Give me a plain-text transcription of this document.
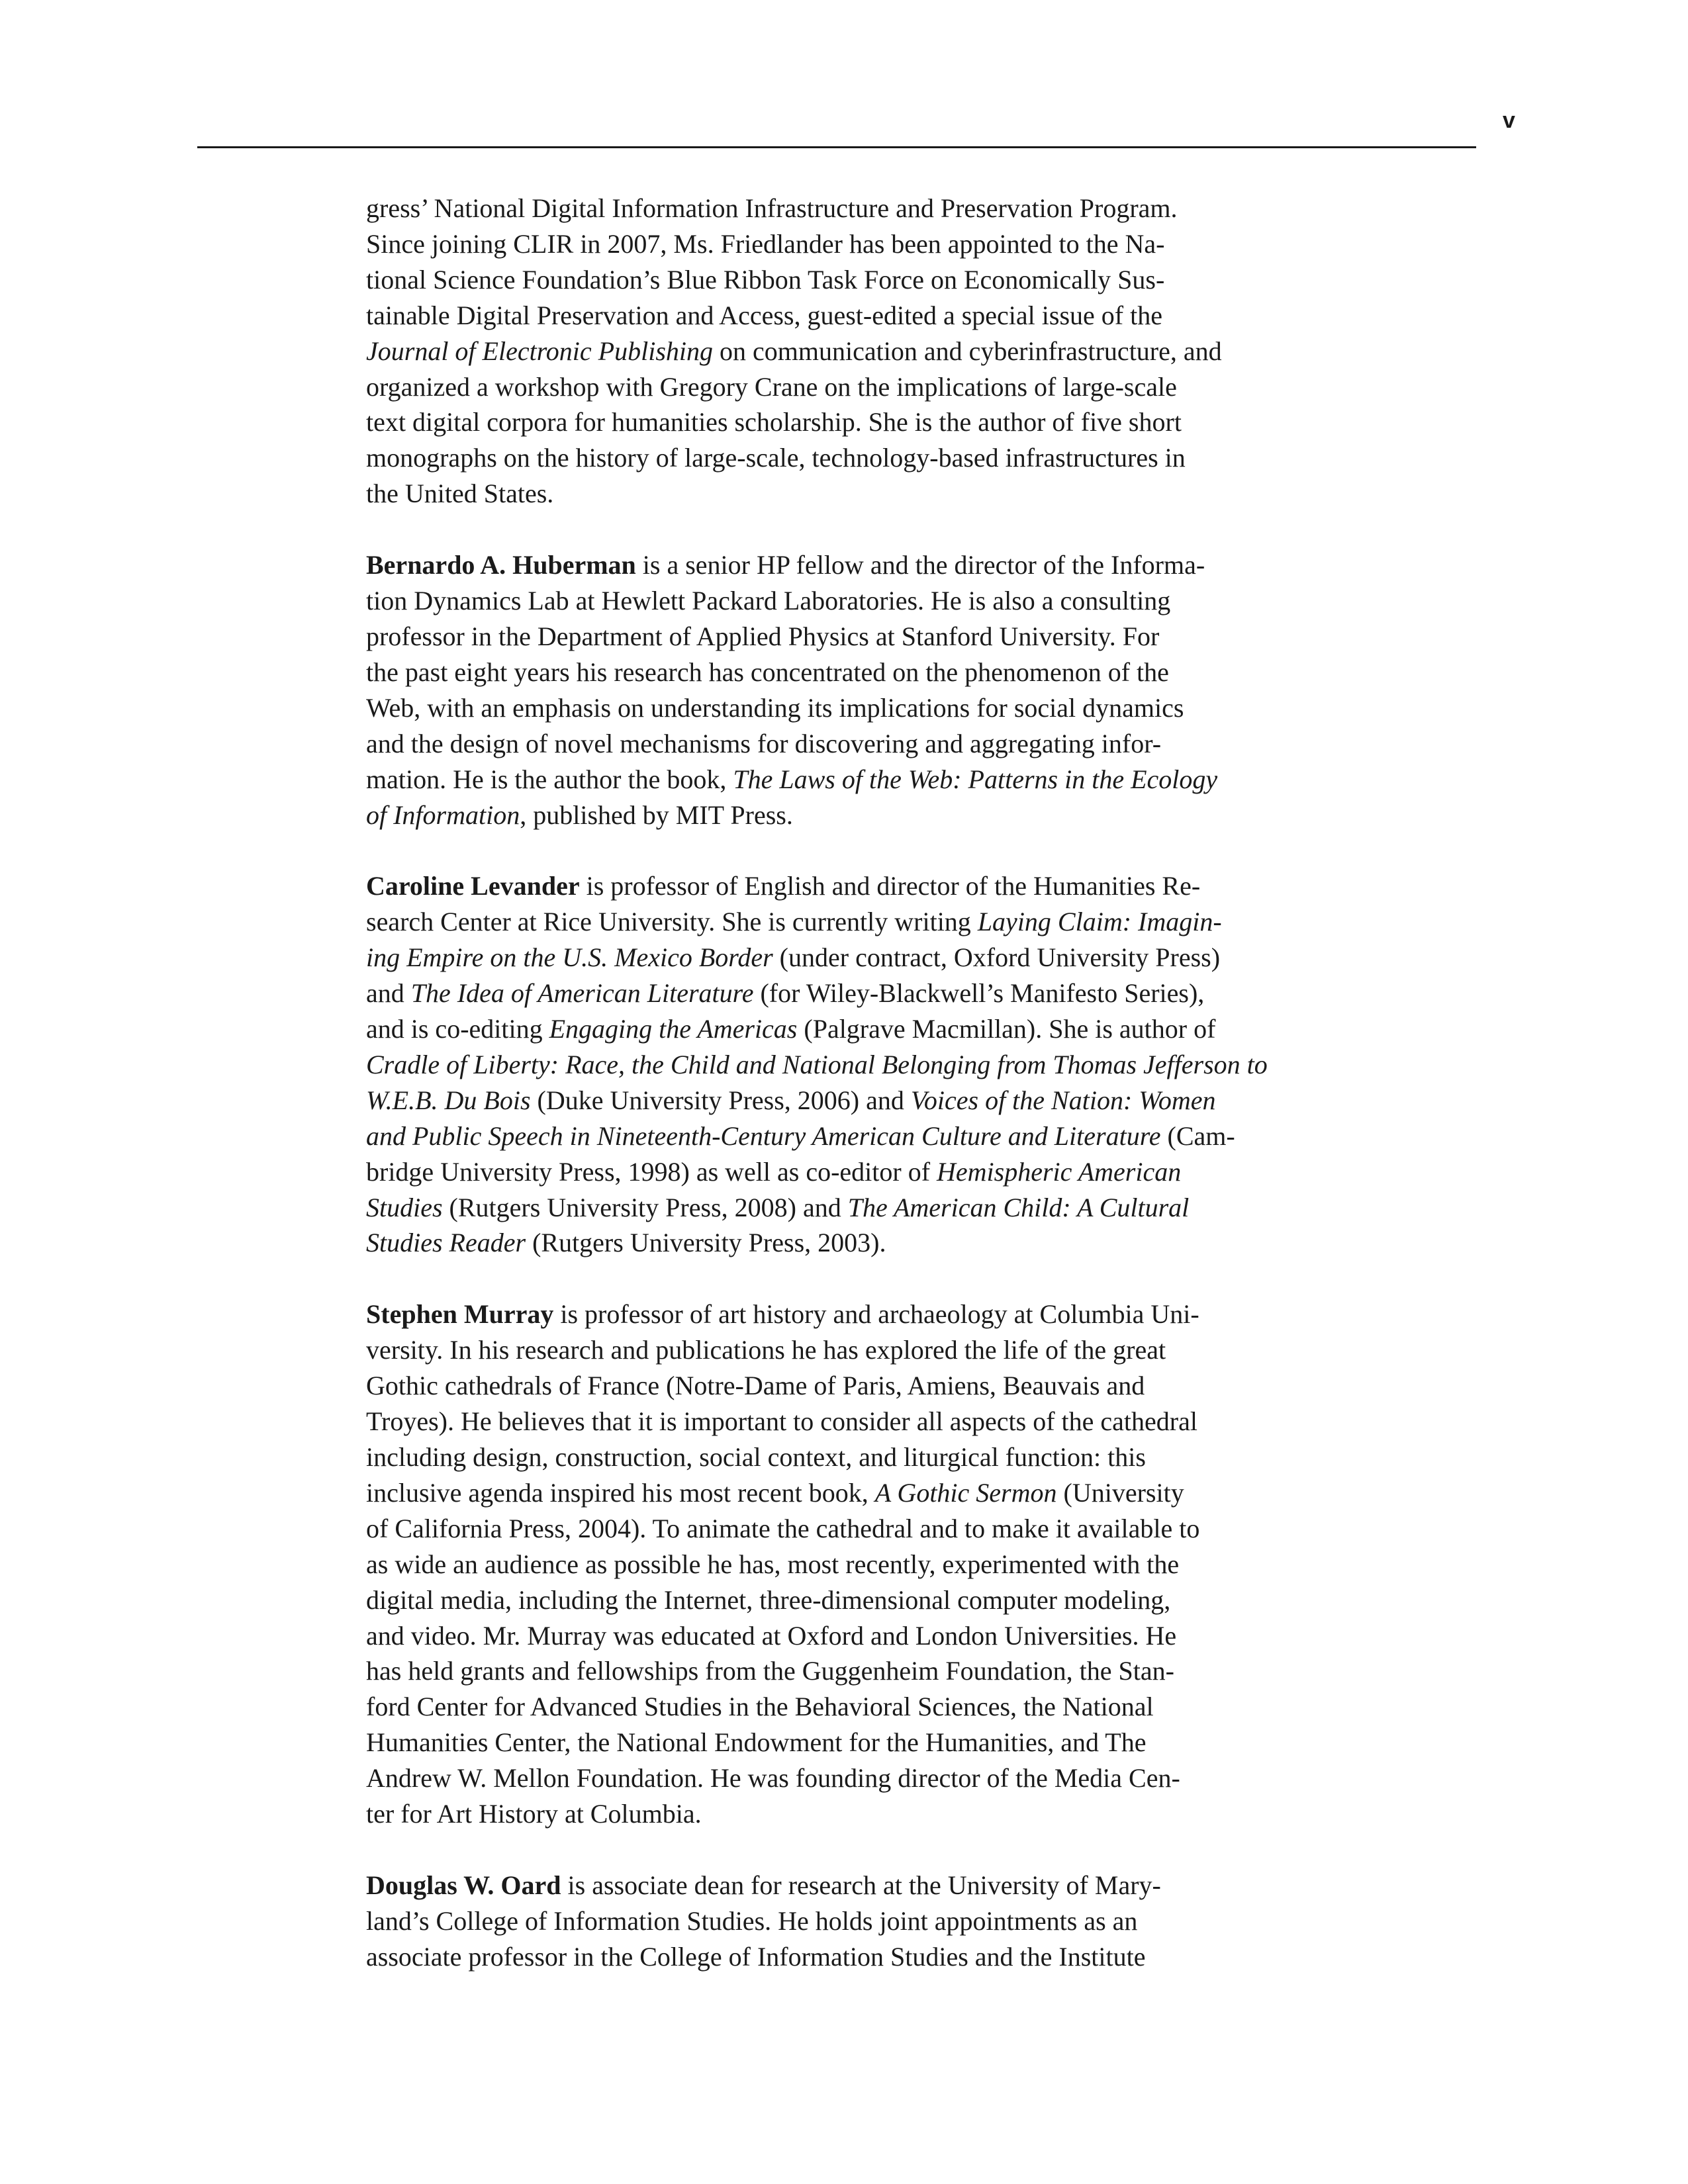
v

gress’ National Digital Information Infrastructure and Preservation Program.
Since joining CLIR in 2007, Ms. Friedlander has been appointed to the Na-
tional Science Foundation’s Blue Ribbon Task Force on Economically Sus-
tainable Digital Preservation and Access, guest-edited a special issue of the
Journal of Electronic Publishing on communication and cyberinfrastructure, and
organized a workshop with Gregory Crane on the implications of large-scale
text digital corpora for humanities scholarship. She is the author of five short
monographs on the history of large-scale, technology-based infrastructures in
the United States.

Bernardo A. Huberman is a senior HP fellow and the director of the Informa-
tion Dynamics Lab at Hewlett Packard Laboratories. He is also a consulting
professor in the Department of Applied Physics at Stanford University. For
the past eight years his research has concentrated on the phenomenon of the
Web, with an emphasis on understanding its implications for social dynamics
and the design of novel mechanisms for discovering and aggregating infor-
mation. He is the author the book, The Laws of the Web: Patterns in the Ecology
of Information, published by MIT Press.

Caroline Levander is professor of English and director of the Humanities Re-
search Center at Rice University. She is currently writing Laying Claim: Imagin-
ing Empire on the U.S. Mexico Border (under contract, Oxford University Press)
and The Idea of American Literature (for Wiley-Blackwell’s Manifesto Series),
and is co-editing Engaging the Americas (Palgrave Macmillan). She is author of
Cradle of Liberty: Race, the Child and National Belonging from Thomas Jefferson to
W.E.B. Du Bois (Duke University Press, 2006) and Voices of the Nation: Women
and Public Speech in Nineteenth-Century American Culture and Literature (Cam-
bridge University Press, 1998) as well as co-editor of Hemispheric American
Studies (Rutgers University Press, 2008) and The American Child: A Cultural
Studies Reader (Rutgers University Press, 2003).

Stephen Murray is professor of art history and archaeology at Columbia Uni-
versity. In his research and publications he has explored the life of the great
Gothic cathedrals of France (Notre-Dame of Paris, Amiens, Beauvais and
Troyes). He believes that it is important to consider all aspects of the cathedral
including design, construction, social context, and liturgical function: this
inclusive agenda inspired his most recent book, A Gothic Sermon (University
of California Press, 2004). To animate the cathedral and to make it available to
as wide an audience as possible he has, most recently, experimented with the
digital media, including the Internet, three-dimensional computer modeling,
and video. Mr. Murray was educated at Oxford and London Universities. He
has held grants and fellowships from the Guggenheim Foundation, the Stan-
ford Center for Advanced Studies in the Behavioral Sciences, the National
Humanities Center, the National Endowment for the Humanities, and The
Andrew W. Mellon Foundation. He was founding director of the Media Cen-
ter for Art History at Columbia.

Douglas W. Oard is associate dean for research at the University of Mary-
land’s College of Information Studies. He holds joint appointments as an
associate professor in the College of Information Studies and the Institute
